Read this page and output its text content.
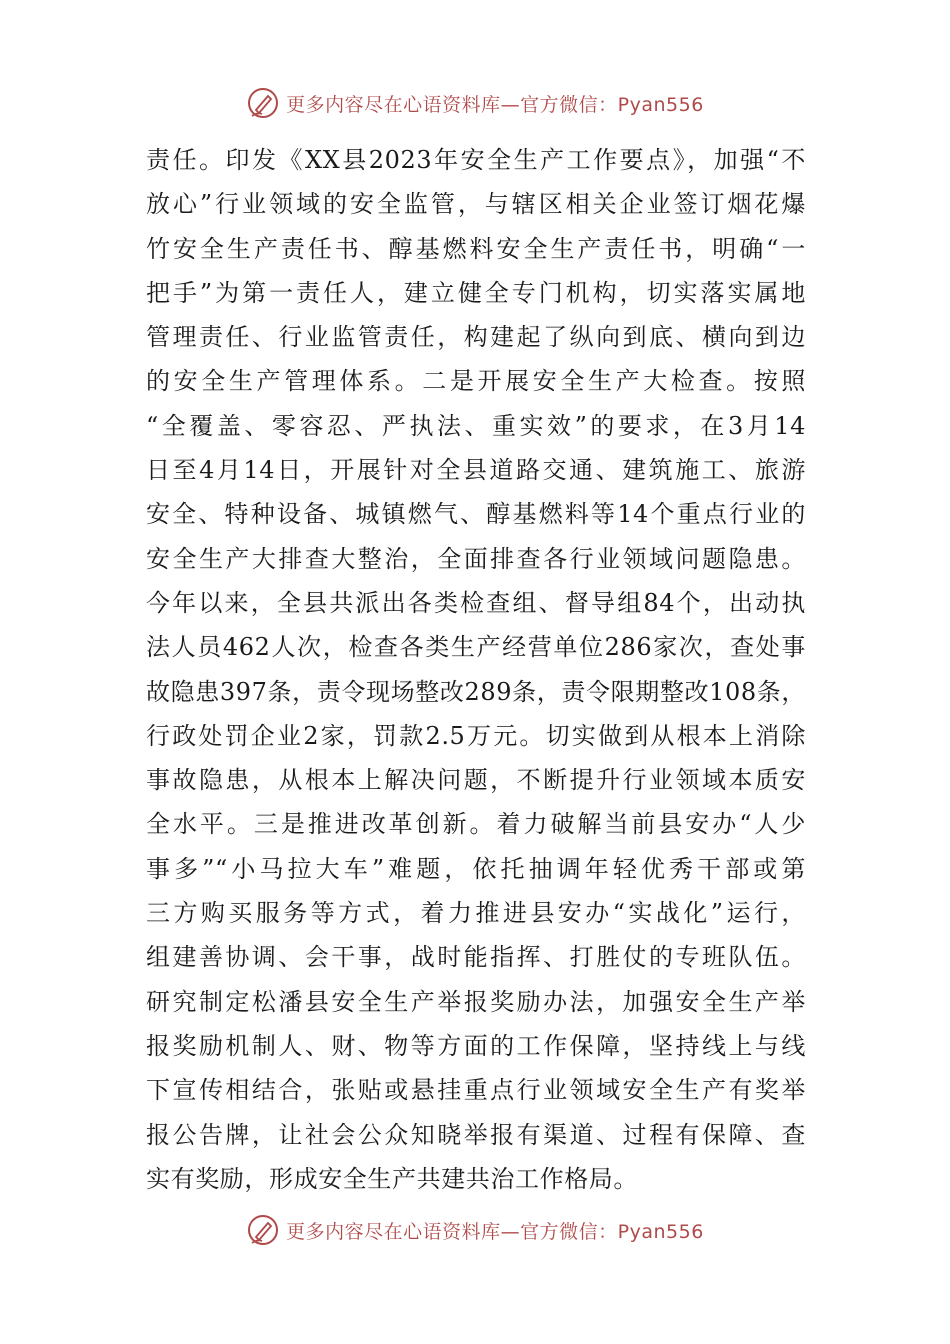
更多内容尽在心语资料库—官方微信：Pyan556
责任。印发《XX县2023年安全生产工作要点》，加强“不
放心”行业领域的安全监管，与辖区相关企业签订烟花爆
竹安全生产责任书、醇基燃料安全生产责任书，明确“一
把手”为第一责任人，建立健全专门机构，切实落实属地
管理责任、行业监管责任，构建起了纵向到底、横向到边
的安全生产管理体系。二是开展安全生产大检查。按照
“全覆盖、零容忍、严执法、重实效”的要求，在3月14
日至4月14日，开展针对全县道路交通、建筑施工、旅游
安全、特种设备、城镇燃气、醇基燃料等14个重点行业的
安全生产大排查大整治，全面排查各行业领域问题隐患。
今年以来，全县共派出各类检查组、督导组84个，出动执
法人员462人次，检查各类生产经营单位286家次，查处事
故隐患397条，责令现场整改289条，责令限期整改108条，
行政处罚企业2家，罚款2.5万元。切实做到从根本上消除
事故隐患，从根本上解决问题，不断提升行业领域本质安
全水平。三是推进改革创新。着力破解当前县安办“人少
事多”“小马拉大车”难题，依托抽调年轻优秀干部或第
三方购买服务等方式，着力推进县安办“实战化”运行，
组建善协调、会干事，战时能指挥、打胜仗的专班队伍。
研究制定松潘县安全生产举报奖励办法，加强安全生产举
报奖励机制人、财、物等方面的工作保障，坚持线上与线
下宣传相结合，张贴或悬挂重点行业领域安全生产有奖举
报公告牌，让社会公众知晓举报有渠道、过程有保障、查
实有奖励，形成安全生产共建共治工作格局。
更多内容尽在心语资料库—官方微信：Pyan556
